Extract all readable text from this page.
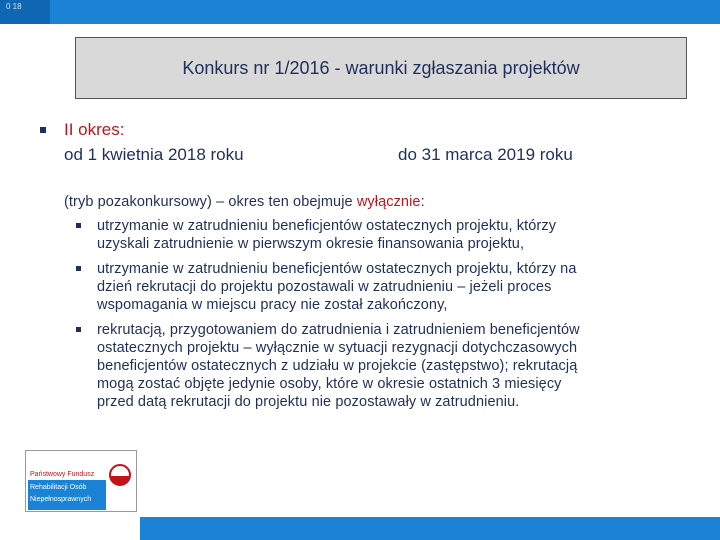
0 18
Konkurs nr 1/2016 - warunki zgłaszania projektów
II okres:
od 1 kwietnia 2018 roku	do 31 marca 2019 roku
(tryb pozakonkursowy) – okres ten obejmuje wyłącznie:
utrzymanie w zatrudnieniu beneficjentów ostatecznych projektu, którzy
uzyskali zatrudnienie w pierwszym okresie finansowania projektu,
utrzymanie w zatrudnieniu beneficjentów ostatecznych projektu, którzy na
dzień rekrutacji do projektu pozostawali w zatrudnieniu – jeżeli proces
wspomagania w miejscu pracy nie został zakończony,
rekrutacją, przygotowaniem do zatrudnienia i zatrudnieniem beneficjentów
ostatecznych projektu – wyłącznie w sytuacji rezygnacji dotychczasowych
beneficjentów ostatecznych z udziału w projekcie (zastępstwo); rekrutacją
mogą zostać objęte jedynie osoby, które w okresie ostatnich 3 miesięcy
przed datą rekrutacji do projektu nie pozostawały w zatrudnieniu.
Państwowy Fundusz
Rehabilitacji Osób
Niepełnosprawnych
